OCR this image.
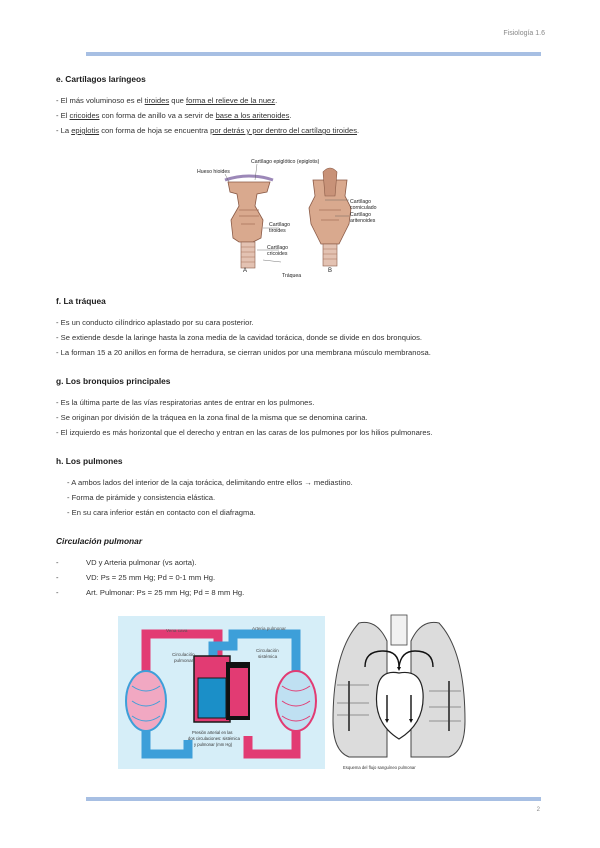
Fisiología 1.6
e. Cartílagos laríngeos
- El más voluminoso es el tiroides que forma el relieve de la nuez.
- El cricoides con forma de anillo va a servir de base a los aritenoides.
- La epiglotis con forma de hoja se encuentra por detrás y por dentro del cartílago tiroides.
Cartílago epiglótico (epiglotis)
Hueso hioides
Cartílago
tiroides
Cartílago
cricoides
Cartílago
corniculado
Cartílago
aritenoides
Tráquea
A	B
f. La tráquea
- Es un conducto cilíndrico aplastado por su cara posterior.
- Se extiende desde la laringe hasta la zona media de la cavidad torácica, donde se divide en dos bronquios.
- La forman 15 a 20 anillos en forma de herradura, se cierran unidos por una membrana músculo membranosa.
g. Los bronquios principales
- Es la última parte de las vías respiratorias antes de entrar en los pulmones.
- Se originan por división de la tráquea en la zona final de la misma que se denomina carina.
- El izquierdo es más horizontal que el derecho y entran en las caras de los pulmones por los hilios pulmonares.
h. Los pulmones
- A ambos lados del interior de la caja torácica, delimitando entre ellos → mediastino.
- Forma de pirámide y consistencia elástica.
- En su cara inferior están en contacto con el diafragma.
Circulación pulmonar
-	VD y Arteria pulmonar (vs aorta).
-	VD: Ps = 25 mm Hg; Pd = 0-1 mm Hg.
-	Art. Pulmonar: Ps = 25 mm Hg; Pd = 8 mm Hg.
Vena cava	Arteria pulmonar
Circulación
pulmonar
Circulación
sistémica
Presión arterial en las
dos circulaciones: sistémica
y pulmonar (mm Hg)
Esquema del flujo sanguíneo pulmonar
2
